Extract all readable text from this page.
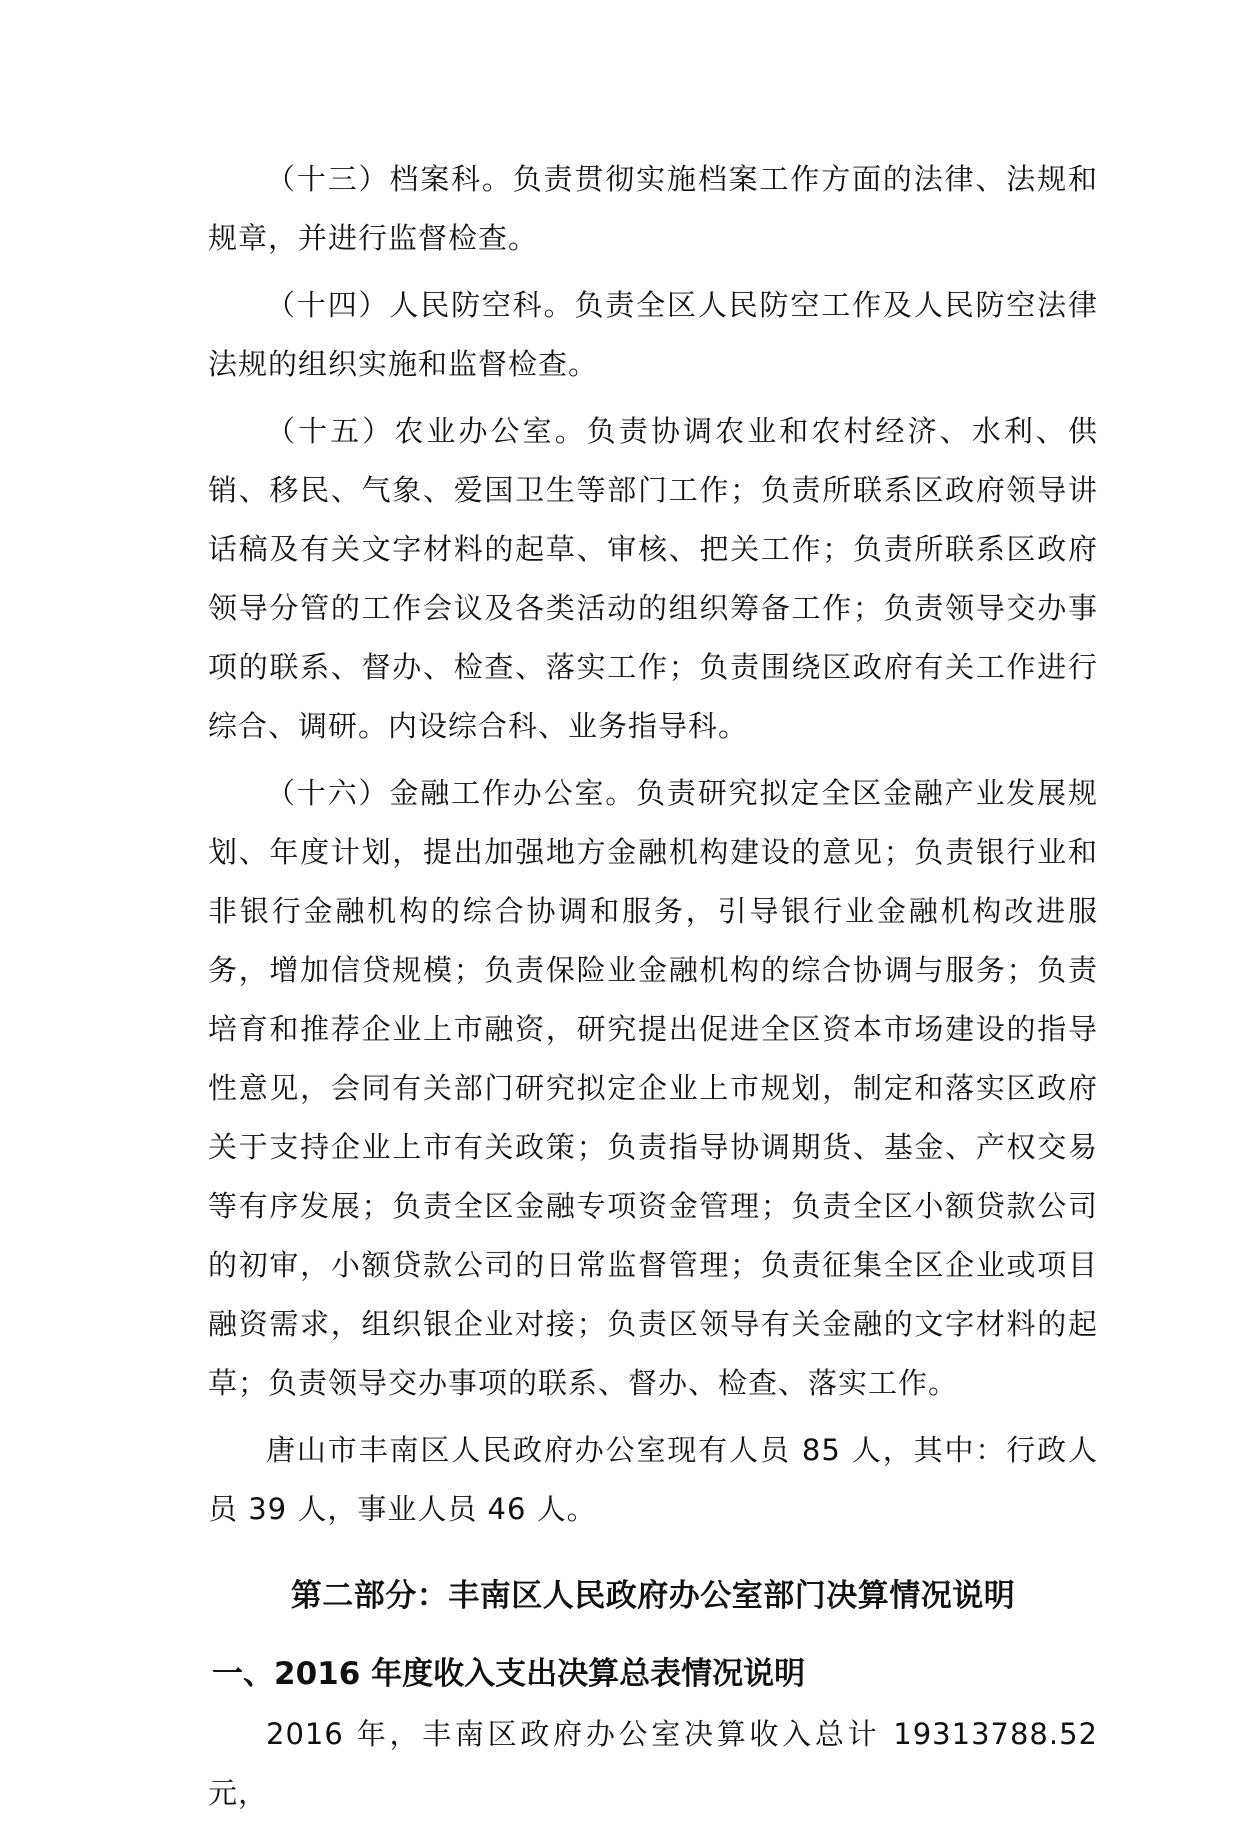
（十三）档案科。负责贯彻实施档案工作方面的法律、法规和规章，并进行监督检查。

（十四）人民防空科。负责全区人民防空工作及人民防空法律法规的组织实施和监督检查。

（十五）农业办公室。负责协调农业和农村经济、水利、供销、移民、气象、爱国卫生等部门工作；负责所联系区政府领导讲话稿及有关文字材料的起草、审核、把关工作；负责所联系区政府领导分管的工作会议及各类活动的组织筹备工作；负责领导交办事项的联系、督办、检查、落实工作；负责围绕区政府有关工作进行综合、调研。内设综合科、业务指导科。

（十六）金融工作办公室。负责研究拟定全区金融产业发展规划、年度计划，提出加强地方金融机构建设的意见；负责银行业和非银行金融机构的综合协调和服务，引导银行业金融机构改进服务，增加信贷规模；负责保险业金融机构的综合协调与服务；负责培育和推荐企业上市融资，研究提出促进全区资本市场建设的指导性意见，会同有关部门研究拟定企业上市规划，制定和落实区政府关于支持企业上市有关政策；负责指导协调期货、基金、产权交易等有序发展；负责全区金融专项资金管理；负责全区小额贷款公司的初审，小额贷款公司的日常监督管理；负责征集全区企业或项目融资需求，组织银企业对接；负责区领导有关金融的文字材料的起草；负责领导交办事项的联系、督办、检查、落实工作。

唐山市丰南区人民政府办公室现有人员 85 人，其中：行政人员 39 人，事业人员 46 人。

第二部分：丰南区人民政府办公室部门决算情况说明
一、2016 年度收入支出决算总表情况说明

2016 年，丰南区政府办公室决算收入总计 19313788.52 元，
